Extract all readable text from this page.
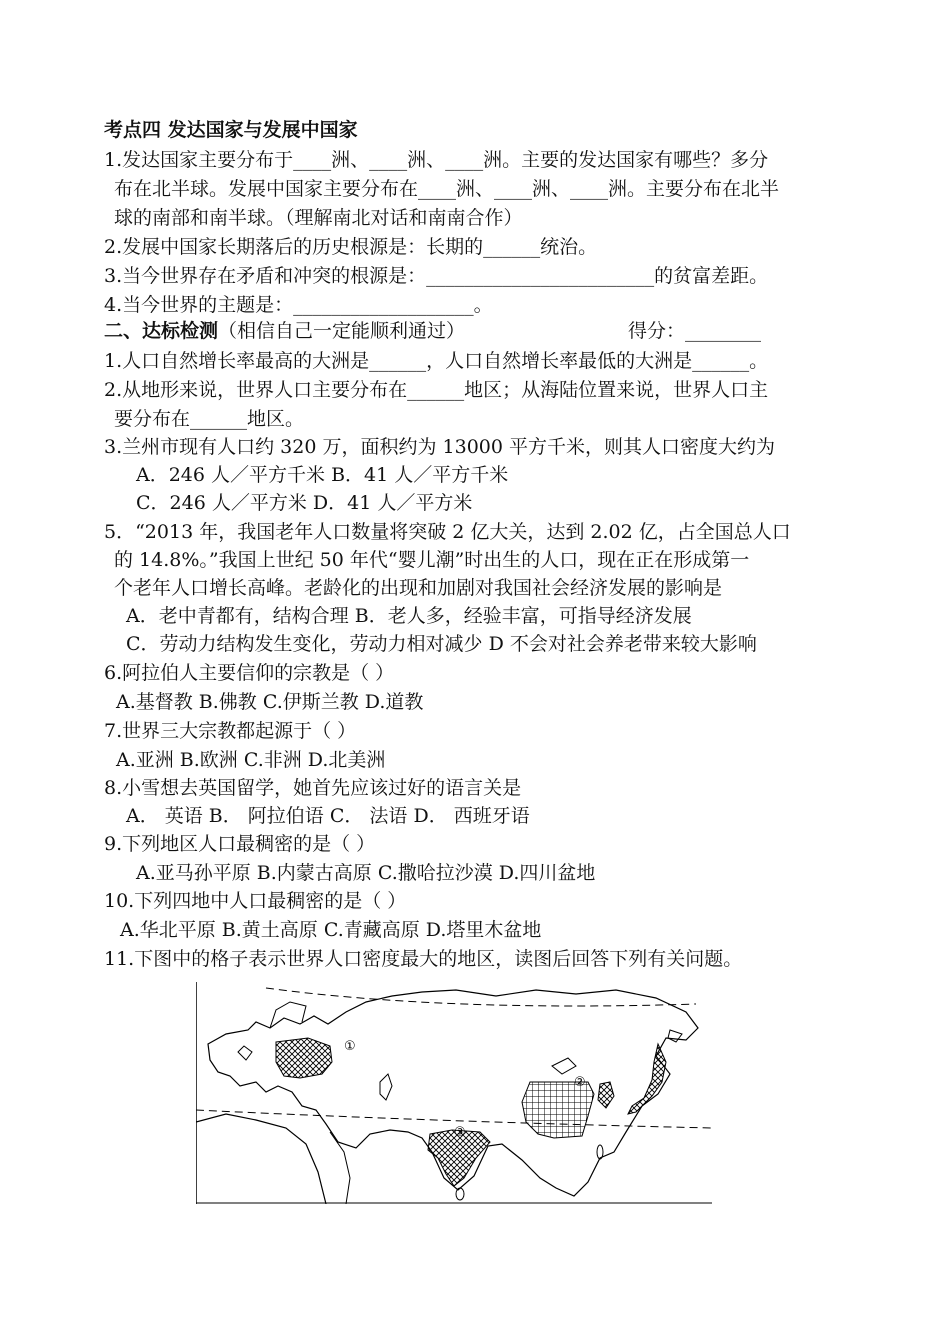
考点四 发达国家与发展中国家
1.发达国家主要分布于____洲、____洲、____洲。主要的发达国家有哪些？多分
布在北半球。发展中国家主要分布在____洲、____洲、____洲。主要分布在北半
球的南部和南半球。（理解南北对话和南南合作）
2.发展中国家长期落后的历史根源是：长期的______统治。
3.当今世界存在矛盾和冲突的根源是：________________________的贫富差距。
4.当今世界的主题是：___________________。
二、达标检测（相信自己一定能顺利通过）	得分：________
1.人口自然增长率最高的大洲是______，人口自然增长率最低的大洲是______。
2.从地形来说，世界人口主要分布在______地区；从海陆位置来说，世界人口主
要分布在______地区。
3.兰州市现有人口约 320 万，面积约为 13000 平方千米，则其人口密度大约为
A．246 人／平方千米 B．41 人／平方千米
C．246 人／平方米 D．41 人／平方米
5．“2013 年，我国老年人口数量将突破 2 亿大关，达到 2.02 亿，占全国总人口
的 14.8%。”我国上世纪 50 年代“婴儿潮”时出生的人口，现在正在形成第一
个老年人口增长高峰。老龄化的出现和加剧对我国社会经济发展的影响是
A．老中青都有，结构合理 B．老人多，经验丰富，可指导经济发展
C．劳动力结构发生变化，劳动力相对减少 D 不会对社会养老带来较大影响
6.阿拉伯人主要信仰的宗教是（ ）
A.基督教 B.佛教 C.伊斯兰教 D.道教
7.世界三大宗教都起源于（ ）
A.亚洲 B.欧洲 C.非洲 D.北美洲
8.小雪想去英国留学，她首先应该过好的语言关是
A． 英语 B． 阿拉伯语 C． 法语 D． 西班牙语
9.下列地区人口最稠密的是（ ）
A.亚马孙平原 B.内蒙古高原 C.撒哈拉沙漠 D.四川盆地
10.下列四地中人口最稠密的是（ ）
A.华北平原 B.黄土高原 C.青藏高原 D.塔里木盆地
11.下图中的格子表示世界人口密度最大的地区，读图后回答下列有关问题。
①
②
③
